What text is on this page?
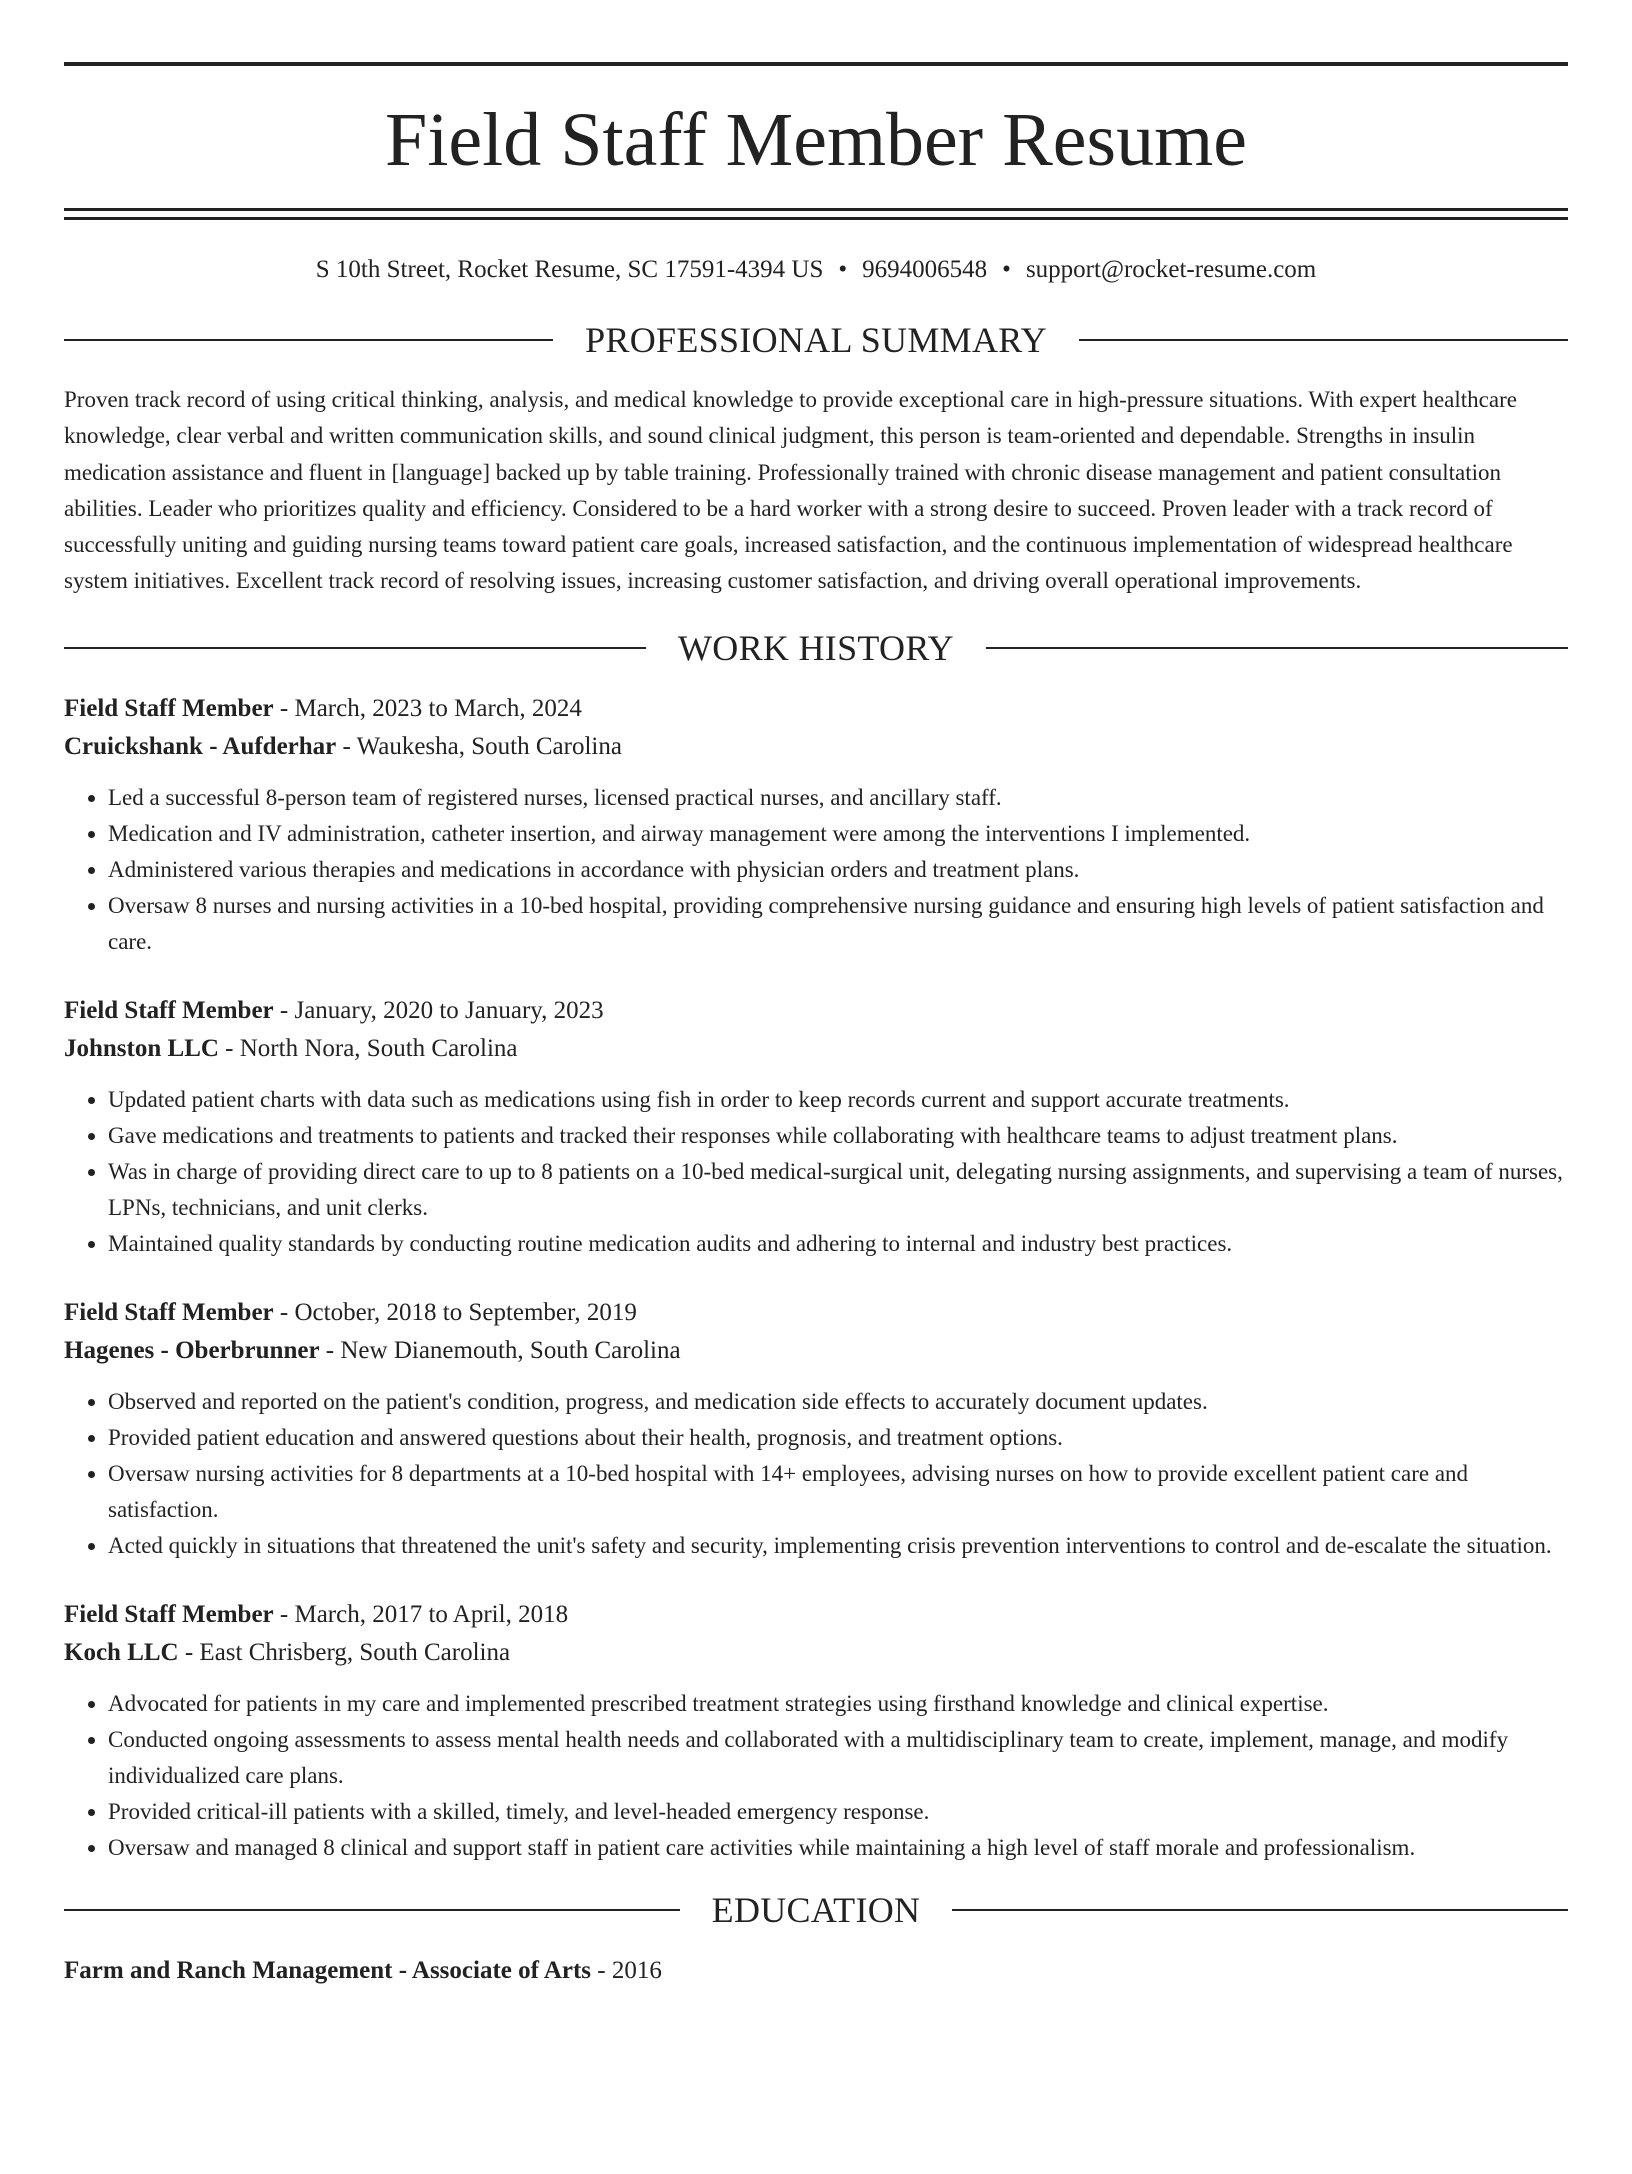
Field Staff Member Resume
S 10th Street, Rocket Resume, SC 17591-4394 US • 9694006548 • support@rocket-resume.com
PROFESSIONAL SUMMARY

Proven track record of using critical thinking, analysis, and medical knowledge to provide exceptional care in high-pressure situations. With expert healthcare knowledge, clear verbal and written communication skills, and sound clinical judgment, this person is team-oriented and dependable. Strengths in insulin medication assistance and fluent in [language] backed up by table training. Professionally trained with chronic disease management and patient consultation abilities. Leader who prioritizes quality and efficiency. Considered to be a hard worker with a strong desire to succeed. Proven leader with a track record of successfully uniting and guiding nursing teams toward patient care goals, increased satisfaction, and the continuous implementation of widespread healthcare system initiatives. Excellent track record of resolving issues, increasing customer satisfaction, and driving overall operational improvements.

WORK HISTORY

Field Staff Member - March, 2023 to March, 2024

Cruickshank - Aufderhar - Waukesha, South Carolina

• Led a successful 8-person team of registered nurses, licensed practical nurses, and ancillary staff.
• Medication and IV administration, catheter insertion, and airway management were among the interventions I implemented.
• Administered various therapies and medications in accordance with physician orders and treatment plans.
• Oversaw 8 nurses and nursing activities in a 10-bed hospital, providing comprehensive nursing guidance and ensuring high levels of patient satisfaction and care.

Field Staff Member - January, 2020 to January, 2023

Johnston LLC - North Nora, South Carolina

• Updated patient charts with data such as medications using fish in order to keep records current and support accurate treatments.
• Gave medications and treatments to patients and tracked their responses while collaborating with healthcare teams to adjust treatment plans.
• Was in charge of providing direct care to up to 8 patients on a 10-bed medical-surgical unit, delegating nursing assignments, and supervising a team of nurses, LPNs, technicians, and unit clerks.
• Maintained quality standards by conducting routine medication audits and adhering to internal and industry best practices.

Field Staff Member - October, 2018 to September, 2019

Hagenes - Oberbrunner - New Dianemouth, South Carolina

• Observed and reported on the patient's condition, progress, and medication side effects to accurately document updates.
• Provided patient education and answered questions about their health, prognosis, and treatment options.
• Oversaw nursing activities for 8 departments at a 10-bed hospital with 14+ employees, advising nurses on how to provide excellent patient care and satisfaction.
• Acted quickly in situations that threatened the unit's safety and security, implementing crisis prevention interventions to control and de-escalate the situation.

Field Staff Member - March, 2017 to April, 2018

Koch LLC - East Chrisberg, South Carolina

• Advocated for patients in my care and implemented prescribed treatment strategies using firsthand knowledge and clinical expertise.
• Conducted ongoing assessments to assess mental health needs and collaborated with a multidisciplinary team to create, implement, manage, and modify individualized care plans.
• Provided critical-ill patients with a skilled, timely, and level-headed emergency response.
• Oversaw and managed 8 clinical and support staff in patient care activities while maintaining a high level of staff morale and professionalism.
EDUCATION

Farm and Ranch Management - Associate of Arts - 2016
